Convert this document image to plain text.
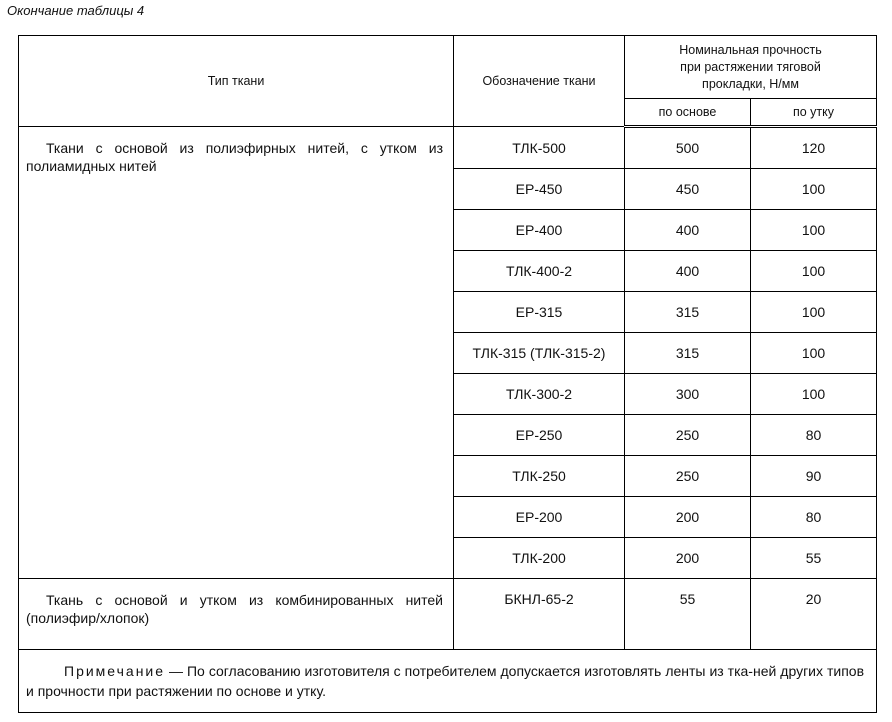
Окончание таблицы 4
Тип ткани	Обозначение ткани	Номинальная прочность
при растяжении тяговой
прокладки, Н/мм	
		по основе	по утку
Ткани с основой из полиэфирных нитей, с утком из полиамидных нитей	ТЛК-500	500	120
	EP-450	450	100
	EP-400	400	100
	ТЛК-400-2	400	100
	EP-315	315	100
	ТЛК-315 (ТЛК-315-2)	315	100
	ТЛК-300-2	300	100
	EP-250	250	80
	ТЛК-250	250	90
	EP-200	200	80
	ТЛК-200	200	55
Ткань с основой и утком из комбинированных нитей (полиэфир/хлопок)	БКНЛ-65-2	55	20
Примечание — По согласованию изготовителя с потребителем допускается изготовлять ленты из тка-ней других типов и прочности при растяжении по основе и утку.			
